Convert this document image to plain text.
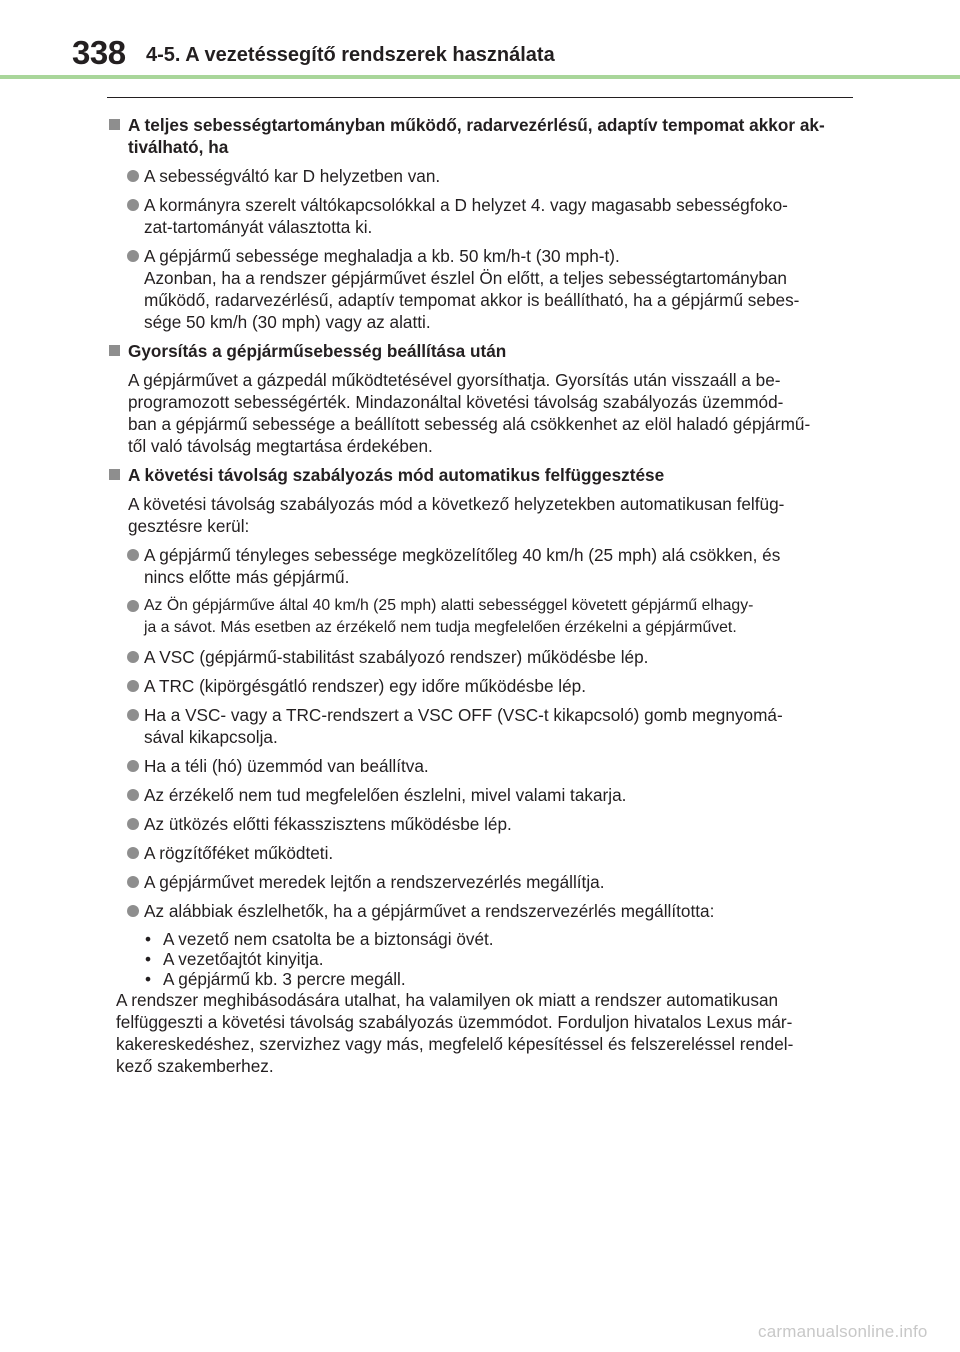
338 4-5. A vezetéssegítő rendszerek használata
A teljes sebességtartományban működő, radarvezérlésű, adaptív tempomat akkor ak-
tiválható, ha
A sebességváltó kar D helyzetben van.
A kormányra szerelt váltókapcsolókkal a D helyzet 4. vagy magasabb sebességfoko-
zat-tartományát választotta ki.
A gépjármű sebessége meghaladja a kb. 50 km/h-t (30 mph-t).
Azonban, ha a rendszer gépjárművet észlel Ön előtt, a teljes sebességtartományban
működő, radarvezérlésű, adaptív tempomat akkor is beállítható, ha a gépjármű sebes-
sége 50 km/h (30 mph) vagy az alatti.
Gyorsítás a gépjárműsebesség beállítása után
A gépjárművet a gázpedál működtetésével gyorsíthatja. Gyorsítás után visszaáll a be-
programozott sebességérték. Mindazonáltal követési távolság szabályozás üzemmód-
ban a gépjármű sebessége a beállított sebesség alá csökkenhet az elöl haladó gépjármű-
től való távolság megtartása érdekében.
A követési távolság szabályozás mód automatikus felfüggesztése
A követési távolság szabályozás mód a következő helyzetekben automatikusan felfüg-
gesztésre kerül:
A gépjármű tényleges sebessége megközelítőleg 40 km/h (25 mph) alá csökken, és
nincs előtte más gépjármű.
Az Ön gépjárműve által 40 km/h (25 mph) alatti sebességgel követett gépjármű elhagy-
ja a sávot. Más esetben az érzékelő nem tudja megfelelően érzékelni a gépjárművet.
A VSC (gépjármű-stabilitást szabályozó rendszer) működésbe lép.
A TRC (kipörgésgátló rendszer) egy időre működésbe lép.
Ha a VSC- vagy a TRC-rendszert a VSC OFF (VSC-t kikapcsoló) gomb megnyomá-
sával kikapcsolja.
Ha a téli (hó) üzemmód van beállítva.
Az érzékelő nem tud megfelelően észlelni, mivel valami takarja.
Az ütközés előtti fékasszisztens működésbe lép.
A rögzítőféket működteti.
A gépjárművet meredek lejtőn a rendszervezérlés megállítja.
Az alábbiak észlelhetők, ha a gépjárművet a rendszervezérlés megállította:
• A vezető nem csatolta be a biztonsági övét.
• A vezetőajtót kinyitja.
• A gépjármű kb. 3 percre megáll.
A rendszer meghibásodására utalhat, ha valamilyen ok miatt a rendszer automatikusan
felfüggeszti a követési távolság szabályozás üzemmódot. Forduljon hivatalos Lexus már-
kakereskedéshez, szervizhez vagy más, megfelelő képesítéssel és felszereléssel rendel-
kező szakemberhez.
carmanualsonline.info
